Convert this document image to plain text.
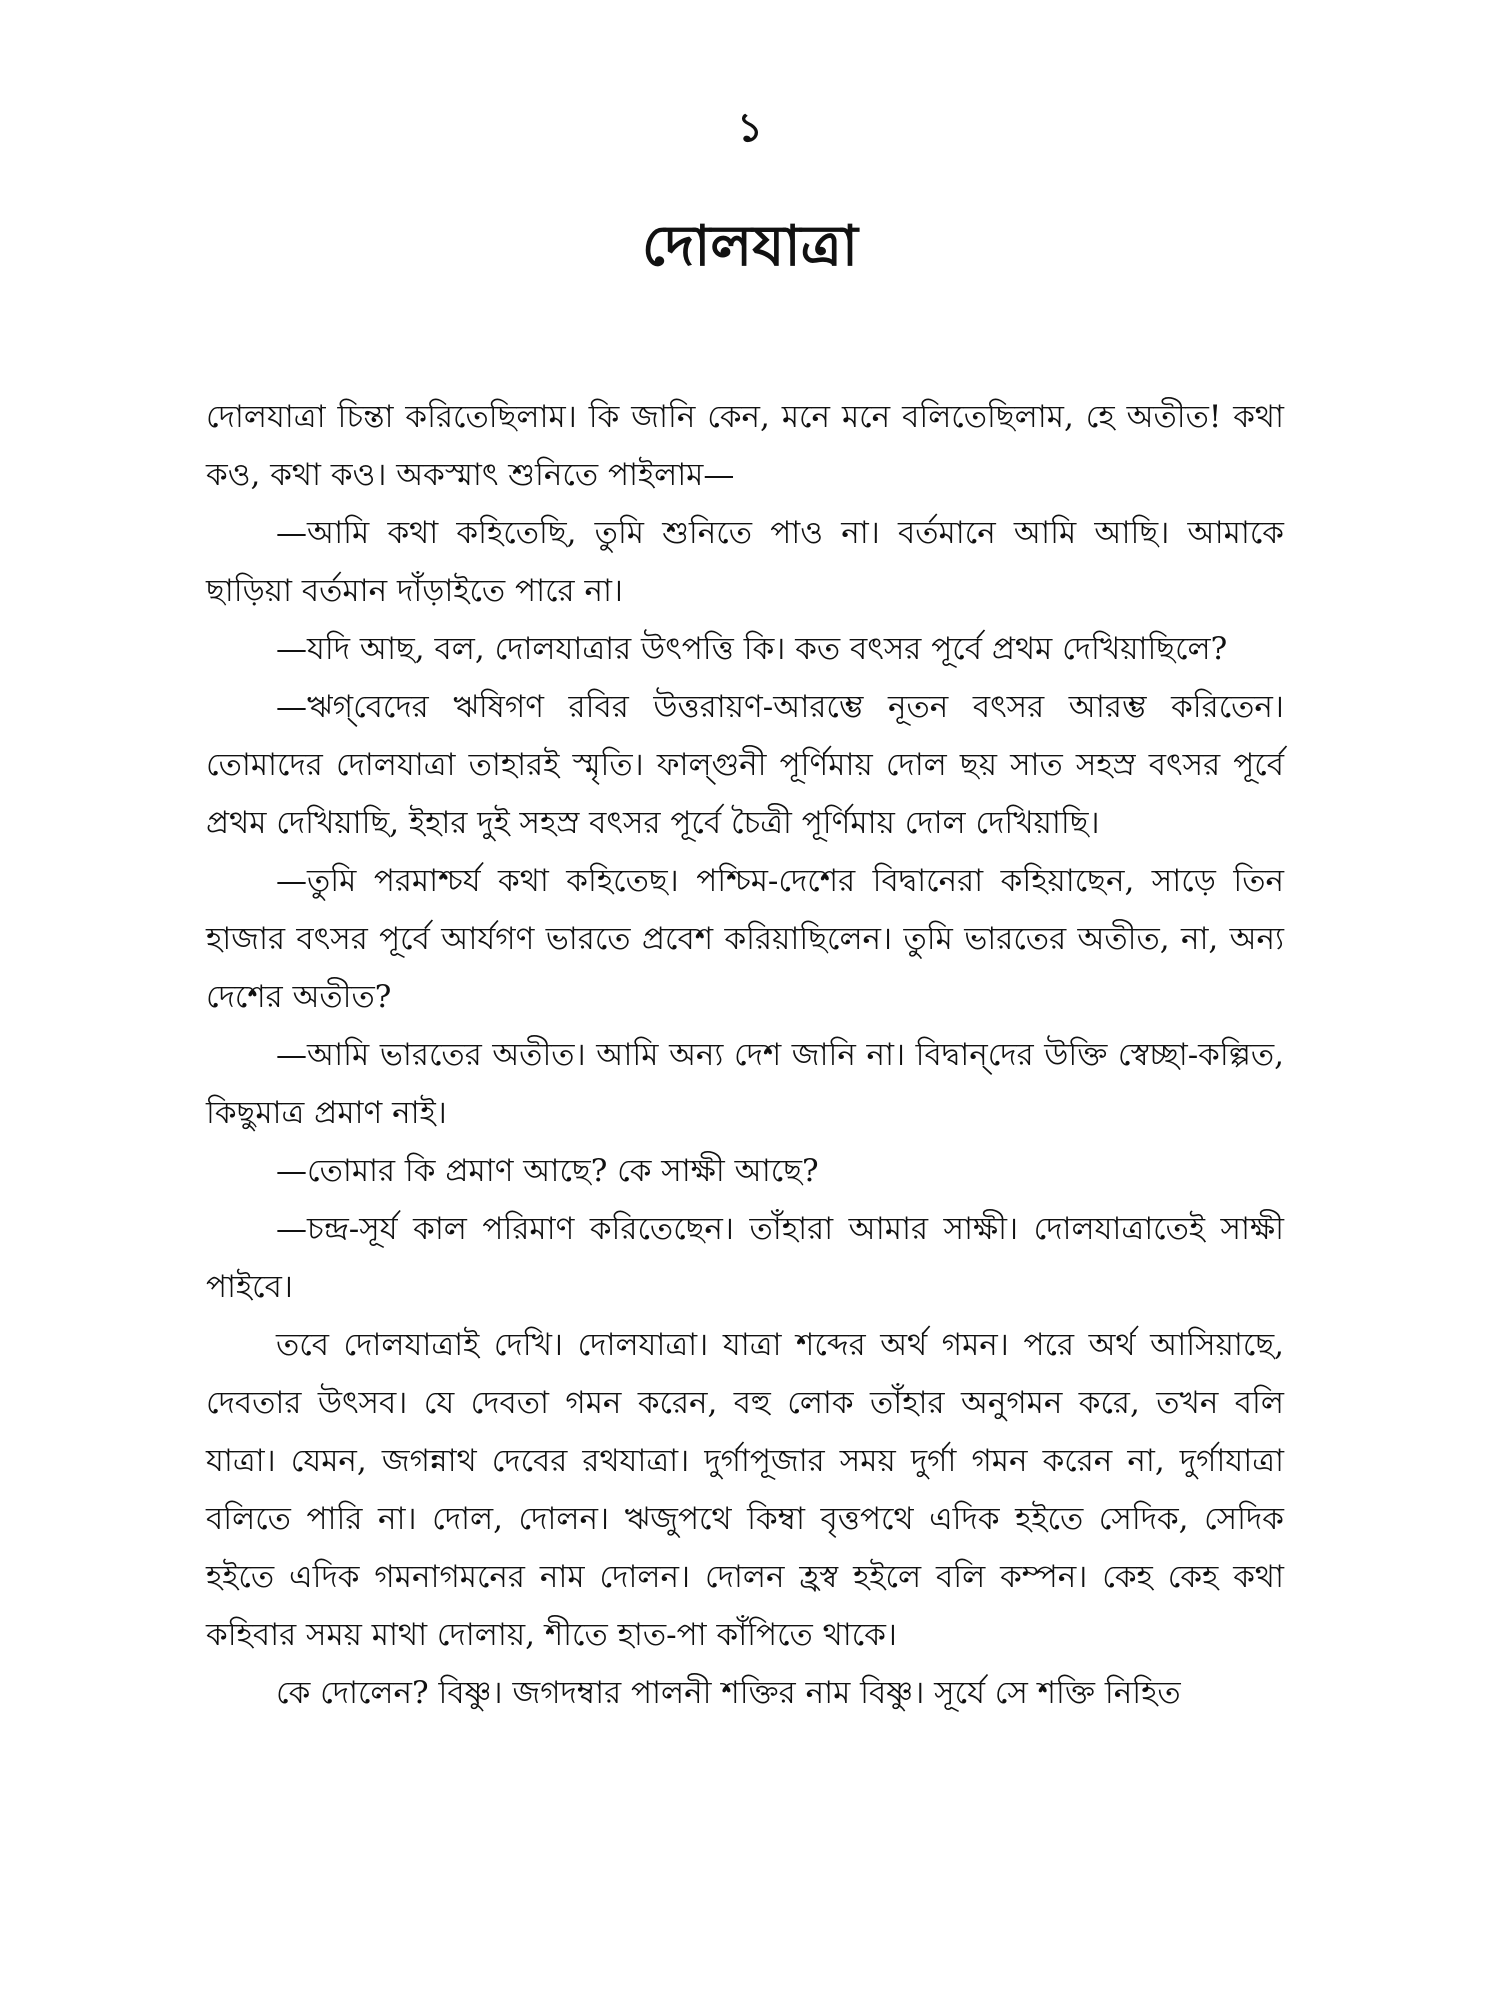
১
দোলযাত্রা

দোলযাত্রা চিন্তা করিতেছিলাম। কি জানি কেন, মনে মনে বলিতেছিলাম, হে অতীত! কথা কও, কথা কও। অকস্মাৎ শুনিতে পাইলাম—

—আমি কথা কহিতেছি, তুমি শুনিতে পাও না। বর্তমানে আমি আছি। আমাকে ছাড়িয়া বর্তমান দাঁড়াইতে পারে না।

—যদি আছ, বল, দোলযাত্রার উৎপত্তি কি। কত বৎসর পূর্বে প্রথম দেখিয়াছিলে?

—ঋগ্‌বেদের ঋষিগণ রবির উত্তরায়ণ-আরম্ভে নূতন বৎসর আরম্ভ করিতেন। তোমাদের দোলযাত্রা তাহারই স্মৃতি। ফাল্গুনী পূর্ণিমায় দোল ছয় সাত সহস্র বৎসর পূর্বে প্রথম দেখিয়াছি, ইহার দুই সহস্র বৎসর পূর্বে চৈত্রী পূর্ণিমায় দোল দেখিয়াছি।

—তুমি পরমাশ্চর্য কথা কহিতেছ। পশ্চিম-দেশের বিদ্বানেরা কহিয়াছেন, সাড়ে তিন হাজার বৎসর পূর্বে আর্যগণ ভারতে প্রবেশ করিয়াছিলেন। তুমি ভারতের অতীত, না, অন্য দেশের অতীত?

—আমি ভারতের অতীত। আমি অন্য দেশ জানি না। বিদ্বান্‌দের উক্তি স্বেচ্ছা-কল্পিত, কিছুমাত্র প্রমাণ নাই।

—তোমার কি প্রমাণ আছে? কে সাক্ষী আছে?

—চন্দ্র-সূর্য কাল পরিমাণ করিতেছেন। তাঁহারা আমার সাক্ষী। দোলযাত্রাতেই সাক্ষী পাইবে।

তবে দোলযাত্রাই দেখি। দোলযাত্রা। যাত্রা শব্দের অর্থ গমন। পরে অর্থ আসিয়াছে, দেবতার উৎসব। যে দেবতা গমন করেন, বহু লোক তাঁহার অনুগমন করে, তখন বলি যাত্রা। যেমন, জগন্নাথ দেবের রথযাত্রা। দুর্গাপূজার সময় দুর্গা গমন করেন না, দুর্গাযাত্রা বলিতে পারি না। দোল, দোলন। ঋজুপথে কিম্বা বৃত্তপথে এদিক হইতে সেদিক, সেদিক হইতে এদিক গমনাগমনের নাম দোলন। দোলন হ্রস্ব হইলে বলি কম্পন। কেহ কেহ কথা কহিবার সময় মাথা দোলায়, শীতে হাত-পা কাঁপিতে থাকে।

কে দোলেন? বিষ্ণু। জগদম্বার পালনী শক্তির নাম বিষ্ণু। সূর্যে সে শক্তি নিহিত
